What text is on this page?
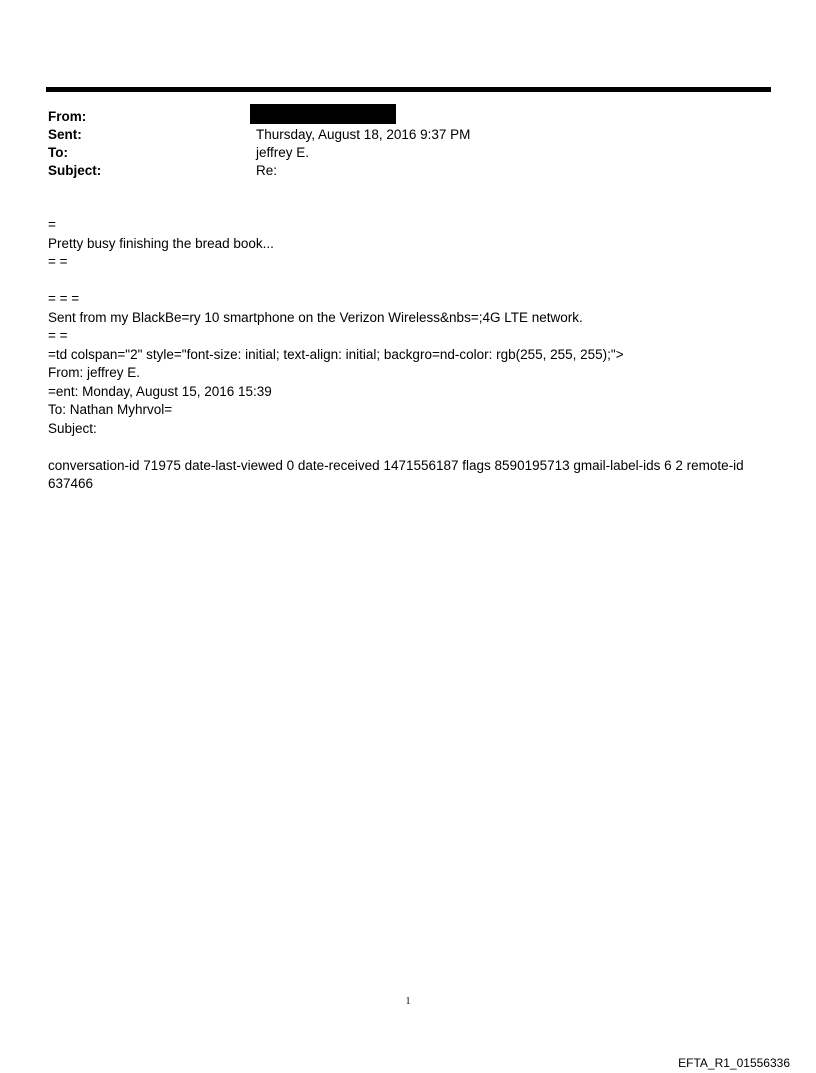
From:
Sent:	Thursday, August 18, 2016 9:37 PM
To:	jeffrey E.
Subject:	Re:
=
Pretty busy finishing the bread book...
= =
= = =
Sent from my BlackBe=ry 10 smartphone on the Verizon Wireless&nbs=;4G LTE network.
= =
=td colspan="2" style="font-size: initial; text-align: initial; backgro=nd-color: rgb(255, 255, 255);">
From: jeffrey E.
=ent: Monday, August 15, 2016 15:39
To: Nathan Myhrvol=
Subject:
conversation-id 71975 date-last-viewed 0 date-received 1471556187 flags 8590195713 gmail-label-ids 6 2 remote-id 637466
1
EFTA_R1_01556336
